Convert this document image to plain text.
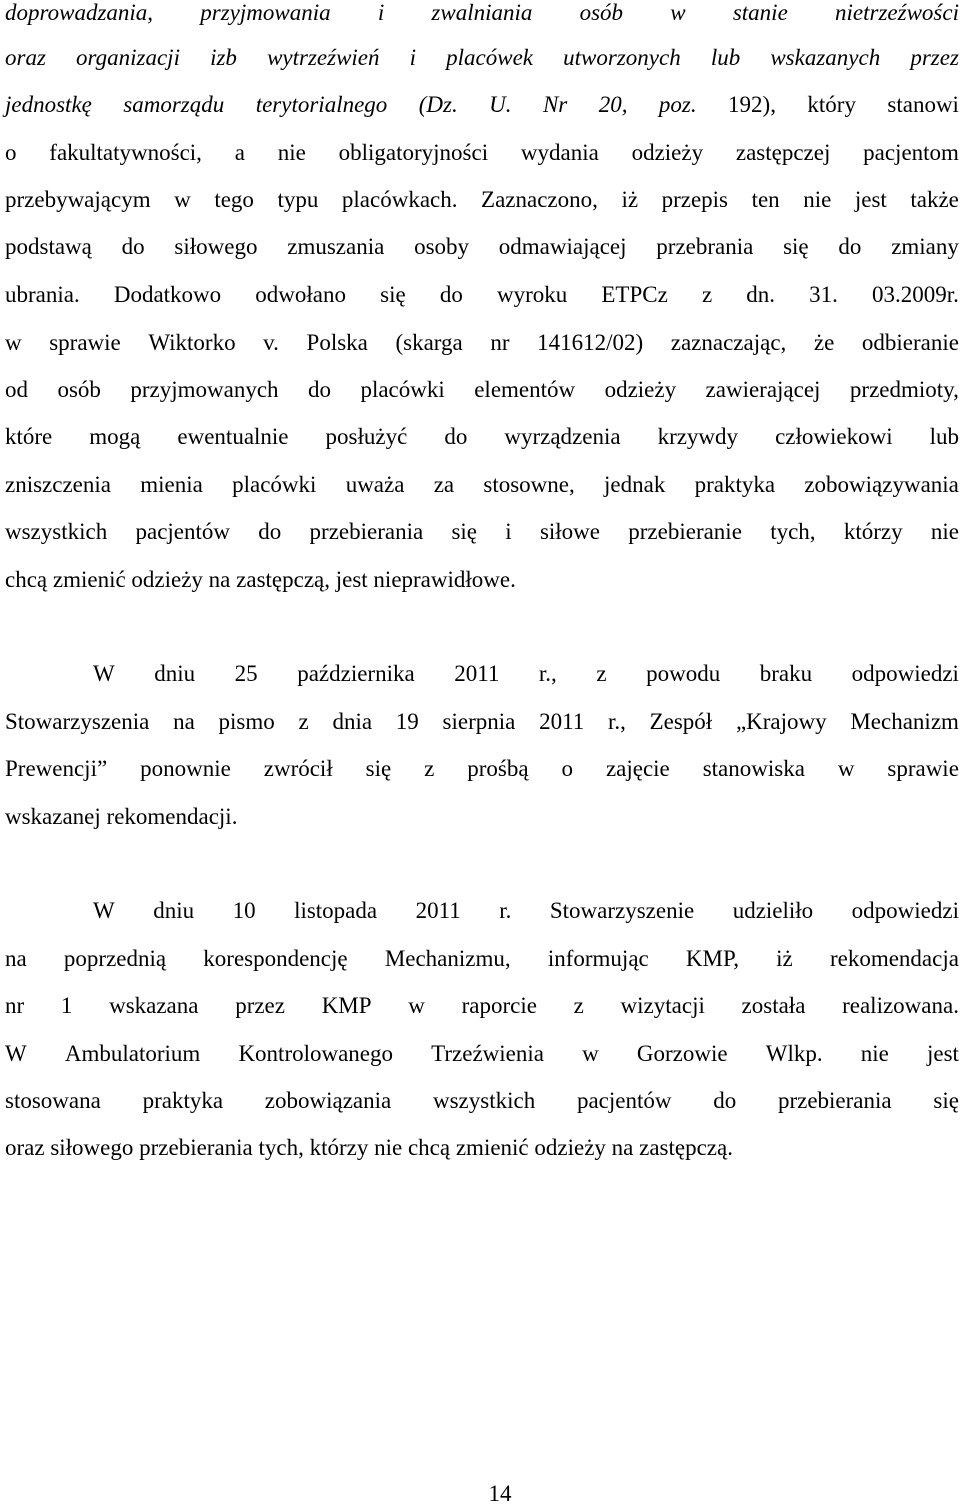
doprowadzania, przyjmowania i zwalniania osób w stanie nietrzeźwości
oraz organizacji izb wytrzeźwień i placówek utworzonych lub wskazanych przez
jednostkę samorządu terytorialnego (Dz. U. Nr 20, poz. 192), który stanowi
o fakultatywności, a nie obligatoryjności wydania odzieży zastępczej pacjentom
przebywającym w tego typu placówkach. Zaznaczono, iż przepis ten nie jest także
podstawą do siłowego zmuszania osoby odmawiającej przebrania się do zmiany
ubrania. Dodatkowo odwołano się do wyroku ETPCz z dn. 31. 03.2009r.
w sprawie Wiktorko v. Polska (skarga nr 141612/02) zaznaczając, że odbieranie
od osób przyjmowanych do placówki elementów odzieży zawierającej przedmioty,
które mogą ewentualnie posłużyć do wyrządzenia krzywdy człowiekowi lub
zniszczenia mienia placówki uważa za stosowne, jednak praktyka zobowiązywania
wszystkich pacjentów do przebierania się i siłowe przebieranie tych, którzy nie
chcą zmienić odzieży na zastępczą, jest nieprawidłowe.
W dniu 25 października 2011 r., z powodu braku odpowiedzi
Stowarzyszenia na pismo z dnia 19 sierpnia 2011 r., Zespół „Krajowy Mechanizm
Prewencji” ponownie zwrócił się z prośbą o zajęcie stanowiska w sprawie
wskazanej rekomendacji.
W dniu 10 listopada 2011 r. Stowarzyszenie udzieliło odpowiedzi
na poprzednią korespondencję Mechanizmu, informując KMP, iż rekomendacja
nr 1 wskazana przez KMP w raporcie z wizytacji została realizowana.
W Ambulatorium Kontrolowanego Trzeźwienia w Gorzowie Wlkp. nie jest
stosowana praktyka zobowiązania wszystkich pacjentów do przebierania się
oraz siłowego przebierania tych, którzy nie chcą zmienić odzieży na zastępczą.
14
